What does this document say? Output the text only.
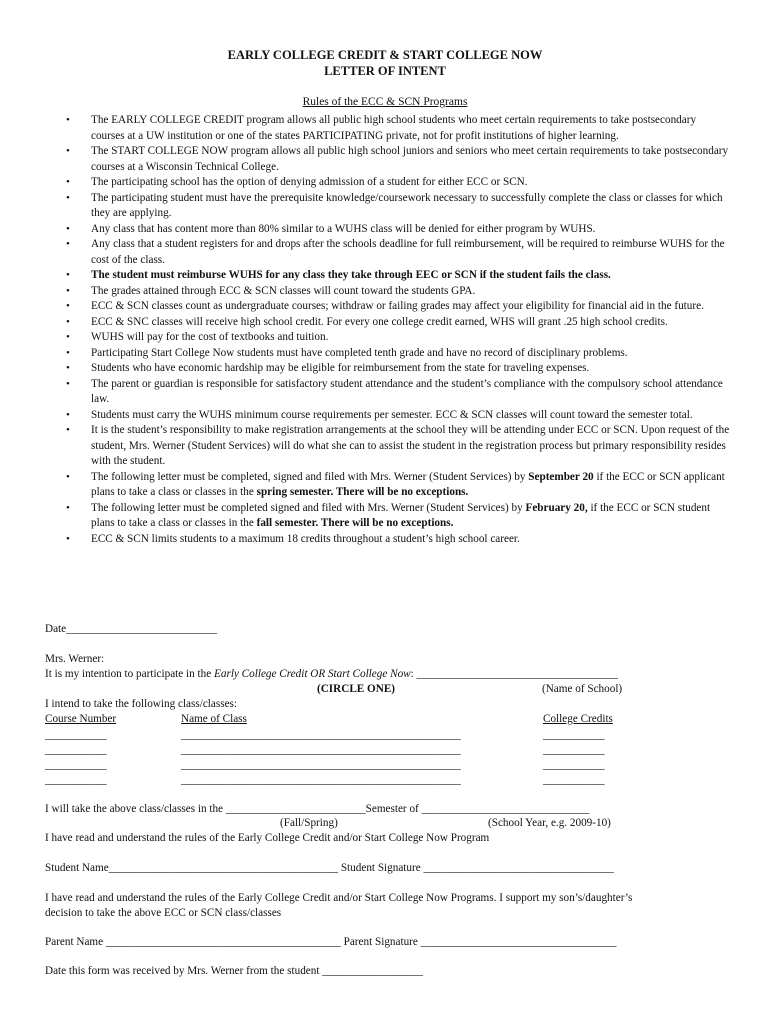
EARLY COLLEGE CREDIT & START COLLEGE NOW
LETTER OF INTENT
Rules of the ECC & SCN Programs
• The EARLY COLLEGE CREDIT program allows all public high school students who meet certain requirements to take postsecondary courses at a UW institution or one of the states PARTICIPATING private, not for profit institutions of higher learning.
• The START COLLEGE NOW program allows all public high school juniors and seniors who meet certain requirements to take postsecondary courses at a Wisconsin Technical College.
• The participating school has the option of denying admission of a student for either ECC or SCN.
• The participating student must have the prerequisite knowledge/coursework necessary to successfully complete the class or classes for which they are applying.
• Any class that has content more than 80% similar to a WUHS class will be denied for either program by WUHS.
• Any class that a student registers for and drops after the schools deadline for full reimbursement, will be required to reimburse WUHS for the cost of the class.
• The student must reimburse WUHS for any class they take through EEC or SCN if the student fails the class.
• The grades attained through ECC & SCN classes will count toward the students GPA.
• ECC & SCN classes count as undergraduate courses; withdraw or failing grades may affect your eligibility for financial aid in the future.
• ECC & SNC classes will receive high school credit. For every one college credit earned, WHS will grant .25 high school credits.
• WUHS will pay for the cost of textbooks and tuition.
• Participating Start College Now students must have completed tenth grade and have no record of disciplinary problems.
• Students who have economic hardship may be eligible for reimbursement from the state for traveling expenses.
• The parent or guardian is responsible for satisfactory student attendance and the student’s compliance with the compulsory school attendance law.
• Students must carry the WUHS minimum course requirements per semester. ECC & SCN classes will count toward the semester total.
• It is the student’s responsibility to make registration arrangements at the school they will be attending under ECC or SCN. Upon request of the student, Mrs. Werner (Student Services) will do what she can to assist the student in the registration process but primary responsibility resides with the student.
• The following letter must be completed, signed and filed with Mrs. Werner (Student Services) by September 20 if the ECC or SCN applicant plans to take a class or classes in the spring semester. There will be no exceptions.
• The following letter must be completed signed and filed with Mrs. Werner (Student Services) by February 20, if the ECC or SCN student plans to take a class or classes in the fall semester. There will be no exceptions.
• ECC & SCN limits students to a maximum 18 credits throughout a student’s high school career.
Date___________________________
Mrs. Werner:
It is my intention to participate in the Early College Credit OR Start College Now: ____________________________________
(CIRCLE ONE)	(Name of School)
I intend to take the following class/classes:
Course Number	Name of Class	College Credits
___________	__________________________________________________	___________
___________	__________________________________________________	___________
___________	__________________________________________________	___________
___________	__________________________________________________	___________
I will take the above class/classes in the _________________________Semester of ______________________________
(Fall/Spring)	(School Year, e.g. 2009-10)
I have read and understand the rules of the Early College Credit and/or Start College Now Program
Student Name_________________________________________ Student Signature __________________________________
I have read and understand the rules of the Early College Credit and/or Start College Now Programs. I support my son’s/daughter’s
decision to take the above ECC or SCN class/classes
Parent Name __________________________________________ Parent Signature ___________________________________
Date this form was received by Mrs. Werner from the student __________________
